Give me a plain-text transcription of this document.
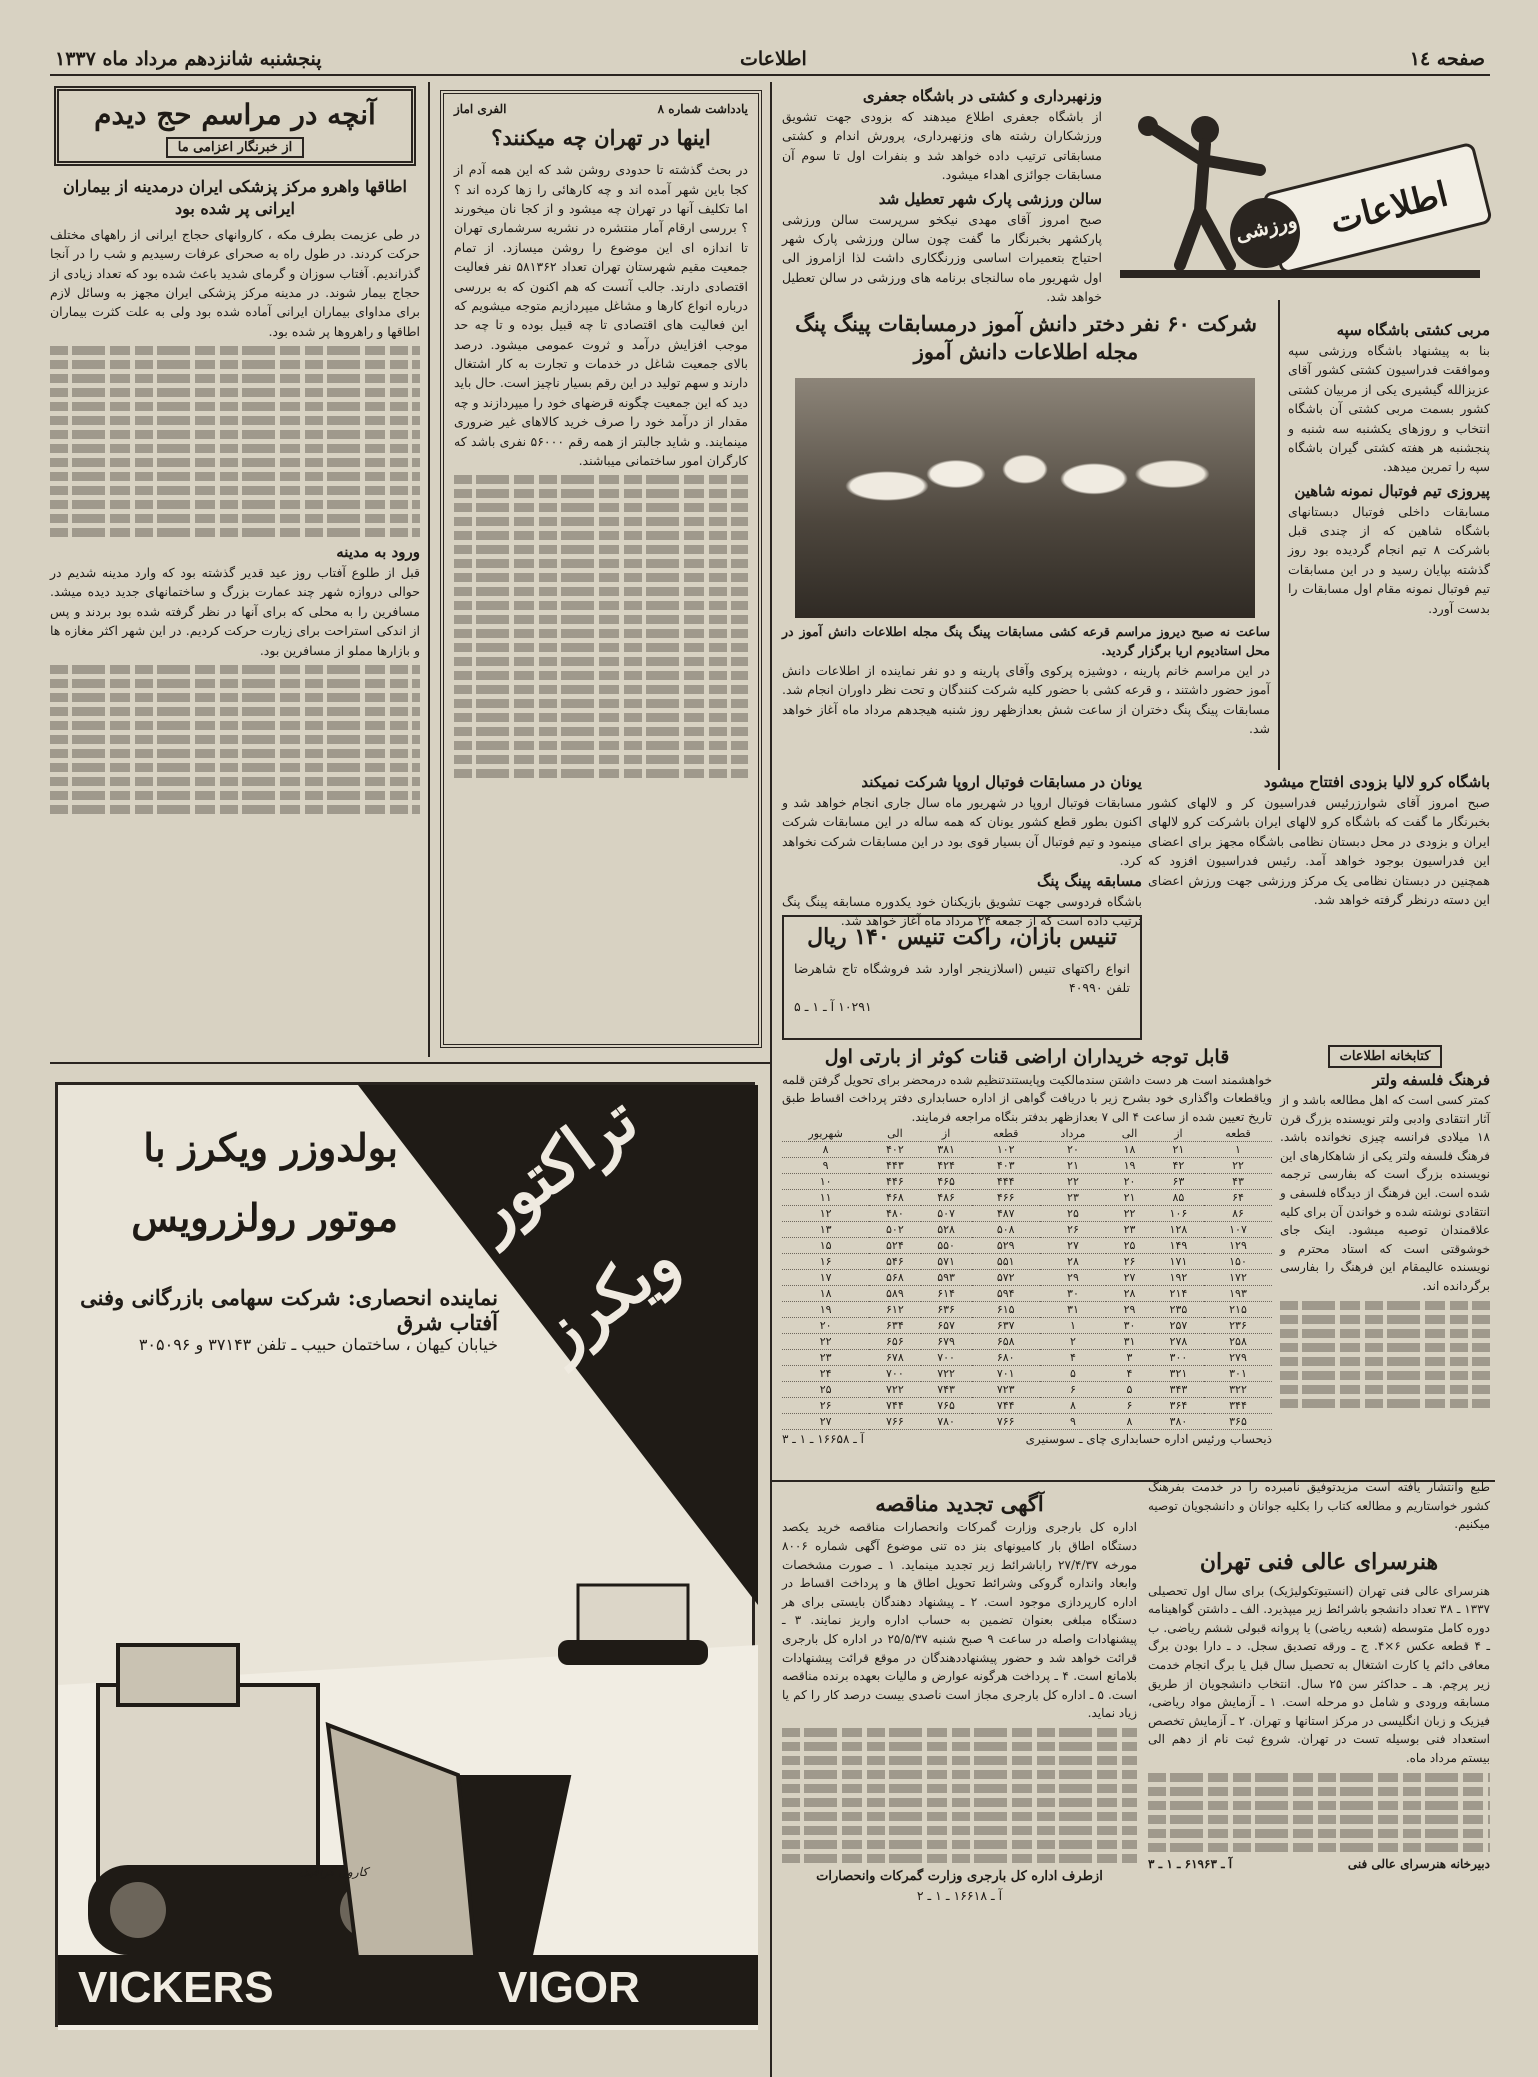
صفحه ١٤
اطلاعات
پنجشنبه شانزدهم مرداد ماه ١٣٣٧
اطلاعات
ورزشی
وزنهبرداری و کشتی در باشگاه جعفری
از باشگاه جعفری اطلاع میدهند که بزودی جهت تشویق ورزشکاران رشته های وزنهبرداری، پرورش اندام و کشتی مسابقاتی ترتیب داده خواهد شد و بنفرات اول تا سوم آن مسابقات جوائزی اهداء میشود.
سالن ورزشی پارک شهر تعطیل شد
صبح امروز آقای مهدی نیکخو سرپرست سالن ورزشی پارکشهر بخبرنگار ما گفت چون سالن ورزشی پارک شهر احتیاج بتعمیرات اساسی وزرنگکاری داشت لذا ازامروز الی اول شهریور ماه سالنجای برنامه های ورزشی در سالن تعطیل خواهد شد.
شرکت ۶۰ نفر دختر دانش آموز درمسابقات پینگ پنگ مجله اطلاعات دانش آموز
ساعت نه صبح دیروز مراسم قرعه کشی مسابقات پینگ پنگ مجله اطلاعات دانش آموز در محل استادیوم اریا برگزار گردید.
در این مراسم خانم پارینه ، دوشیزه پرکوی وآقای پارینه و دو نفر نماینده از اطلاعات دانش آموز حضور داشتند ، و قرعه کشی با حضور کلیه شرکت کنندگان و تحت نظر داوران انجام شد. مسابقات پینگ پنگ دختران از ساعت شش بعدازظهر روز شنبه هیجدهم مرداد ماه آغاز خواهد شد.
مربی کشتی باشگاه سپه
بنا به پیشنهاد باشگاه ورزشی سپه وموافقت فدراسیون کشتی کشور آقای عزیزالله گیشیری یکی از مربیان کشتی کشور بسمت مربی کشتی آن باشگاه انتخاب و روزهای یکشنبه سه شنبه و پنجشنبه هر هفته کشتی گیران باشگاه سپه را تمرین میدهد.
پیروزی تیم فوتبال نمونه شاهین
مسابقات داخلی فوتبال دبستانهای باشگاه شاهین که از چندی قبل باشرکت ۸ تیم انجام گردیده بود روز گذشته بپایان رسید و در این مسابقات تیم فوتبال نمونه مقام اول مسابقات را بدست آورد.
یونان در مسابقات فوتبال اروپا شرکت نمیکند
مسابقات فوتبال اروپا در شهریور ماه سال جاری انجام خواهد شد و اکنون بطور قطع کشور یونان که همه ساله در این مسابقات شرکت مینمود و تیم فوتبال آن بسیار قوی بود در این مسابقات شرکت نخواهد کرد.
مسابقه پینگ پنگ
باشگاه فردوسی جهت تشویق بازیکنان خود یکدوره مسابقه پینگ پنگ ترتیب داده است که از جمعه ۲۴ مرداد ماه آغاز خواهد شد.
تنیس بازان، راکت تنیس ۱۴۰ ریال
انواع راکتهای تنیس (اسلازینجر اوارد شد فروشگاه تاج شاهرضا تلفن ۴۰۹۹۰
۱۰۲۹۱ آ ـ ۱ ـ ۵
باشگاه کرو لالیا بزودی افتتاح میشود
صبح امروز آقای شوارزرئیس فدراسیون کر و لالهای کشور بخبرنگار ما گفت که باشگاه کرو لالهای ایران باشرکت کرو لالهای ایران و بزودی در محل دبستان نظامی باشگاه مجهز برای اعضای این فدراسیون بوجود خواهد آمد. رئیس فدراسیون افزود که همچنین در دبستان نظامی یک مرکز ورزشی جهت ورزش اعضای این دسته درنظر گرفته خواهد شد.
آنچه در مراسم حج دیدم
از خبرنگار اعزامی ما
اطاقها واهرو مرکز پزشکی ایران درمدینه از بیماران ایرانی پر شده بود
در طی عزیمت بطرف مکه ، کاروانهای حجاج ایرانی از راههای مختلف حرکت کردند. در طول راه به صحرای عرفات رسیدیم و شب را در آنجا گذراندیم. آفتاب سوزان و گرمای شدید باعث شده بود که تعداد زیادی از حجاج بیمار شوند. در مدینه مرکز پزشکی ایران مجهز به وسائل لازم برای مداوای بیماران ایرانی آماده شده بود ولی به علت کثرت بیماران اطاقها و راهروها پر شده بود.
ورود به مدینه
قبل از طلوع آفتاب روز عید قدیر گذشته بود که وارد مدینه شدیم در حوالی دروازه شهر چند عمارت بزرگ و ساختمانهای جدید دیده میشد. مسافرین را به محلی که برای آنها در نظر گرفته شده بود بردند و پس از اندکی استراحت برای زیارت حرکت کردیم. در این شهر اکثر مغازه ها و بازارها مملو از مسافرین بود.
یادداشت شماره ۸
الفری اماز
اینها در تهران چه میکنند؟
در بحث گذشته تا حدودی روشن شد که این همه آدم از کجا باین شهر آمده اند و چه کارهائی را زها کرده اند ؟ اما تکلیف آنها در تهران چه میشود و از کجا نان میخورند ؟ بررسی ارقام آمار منتشره در نشریه سرشماری تهران تا اندازه ای این موضوع را روشن میسازد. از تمام جمعیت مقیم شهرستان تهران تعداد ۵۸۱۳۶۲ نفر فعالیت اقتصادی دارند. جالب آنست که هم اکنون که به بررسی درباره انواع کارها و مشاغل میپردازیم متوجه میشویم که این فعالیت های اقتصادی تا چه قبیل بوده و تا چه حد موجب افزایش درآمد و ثروت عمومی میشود. درصد بالای جمعیت شاغل در خدمات و تجارت به کار اشتغال دارند و سهم تولید در این رقم بسیار ناچیز است. حال باید دید که این جمعیت چگونه قرضهای خود را میپردازند و چه مقدار از درآمد خود را صرف خرید کالاهای غیر ضروری مینمایند. و شاید جالبتر از همه رقم ۵۶۰۰۰ نفری باشد که کارگران امور ساختمانی میباشند.
تراکتور
ویکرز
بولدوزر ویکرز با
موتور رولزرویس
نماینده انحصاری: شرکت سهامی بازرگانی وفنی آفتاب شرق
خیابان کیهان ، ساختمان حبیب ـ تلفن ۳۷۱۴۳ و ۳۰۵۰۹۶
کارون گرافیک
VICKERS	VIGOR
قابل توجه خریداران اراضی قنات کوثر از بارتی اول
خواهشمند است هر دست داشتن سندمالکیت وپایستندتنظیم شده درمحضر برای تحویل گرفتن قلمه ویاقطعات واگذاری خود بشرح زیر با دریافت گواهی از اداره حسابداری دفتر پرداخت اقساط طبق تاریخ تعیین شده از ساعت ۴ الی ۷ بعدازظهر بدفتر بنگاه مراجعه فرمایند.
قطعه	از	الی	مرداد	قطعه	از	الی	شهریور
۱	۲۱	۱۸	۲۰	۱۰۲	۳۸۱	۴۰۲	۸
۲۲	۴۲	۱۹	۲۱	۴۰۳	۴۲۴	۴۴۳	۹
۴۳	۶۳	۲۰	۲۲	۴۴۴	۴۶۵	۴۴۶	۱۰
۶۴	۸۵	۲۱	۲۳	۴۶۶	۴۸۶	۴۶۸	۱۱
۸۶	۱۰۶	۲۲	۲۵	۴۸۷	۵۰۷	۴۸۰	۱۲
۱۰۷	۱۲۸	۲۳	۲۶	۵۰۸	۵۲۸	۵۰۲	۱۳
۱۲۹	۱۴۹	۲۵	۲۷	۵۲۹	۵۵۰	۵۲۴	۱۵
۱۵۰	۱۷۱	۲۶	۲۸	۵۵۱	۵۷۱	۵۴۶	۱۶
۱۷۲	۱۹۲	۲۷	۲۹	۵۷۲	۵۹۳	۵۶۸	۱۷
۱۹۳	۲۱۴	۲۸	۳۰	۵۹۴	۶۱۴	۵۸۹	۱۸
۲۱۵	۲۳۵	۲۹	۳۱	۶۱۵	۶۳۶	۶۱۲	۱۹
۲۳۶	۲۵۷	۳۰	۱	۶۳۷	۶۵۷	۶۳۴	۲۰
۲۵۸	۲۷۸	۳۱	۲	۶۵۸	۶۷۹	۶۵۶	۲۲
۲۷۹	۳۰۰	۳	۴	۶۸۰	۷۰۰	۶۷۸	۲۳
۳۰۱	۳۲۱	۴	۵	۷۰۱	۷۲۲	۷۰۰	۲۴
۳۲۲	۳۴۳	۵	۶	۷۲۳	۷۴۳	۷۲۲	۲۵
۳۴۴	۳۶۴	۶	۸	۷۴۴	۷۶۵	۷۴۴	۲۶
۳۶۵	۳۸۰	۸	۹	۷۶۶	۷۸۰	۷۶۶	۲۷
ذیحساب ورئیس اداره حسابداری چای ـ سوسنیری
آ ـ ۱۶۶۵۸ ـ ۱ ـ ۳
کتابخانه اطلاعات
فرهنگ فلسفه ولتر
کمتر کسی است که اهل مطالعه باشد و از آثار انتقادی وادبی ولتر نویسنده بزرگ قرن ۱۸ میلادی فرانسه چیزی نخوانده باشد. فرهنگ فلسفه ولتر یکی از شاهکارهای این نویسنده بزرگ است که بفارسی ترجمه شده است. این فرهنگ از دیدگاه فلسفی و انتقادی نوشته شده و خواندن آن برای کلیه علاقمندان توصیه میشود. اینک جای خوشوقتی است که استاد محترم و نویسنده عالیمقام این فرهنگ را بفارسی برگردانده اند.
طبع وانتشار یافته است مزیدتوفیق نامبرده را در خدمت بفرهنگ کشور خواستاریم و مطالعه کتاب را بکلیه جوانان و دانشجویان توصیه میکنیم.
آگهی تجدید مناقصه
اداره کل بارجری وزارت گمرکات وانحصارات مناقصه خرید یکصد دستگاه اطاق بار کامیونهای بنز ده تنی موضوع آگهی شماره ۸۰۰۶ مورخه ۲۷/۴/۳۷ راباشرائط زیر تجدید مینماید. ۱ ـ صورت مشخصات وابعاد وانداره گروکی وشرائط تحویل اطاق ها و پرداخت اقساط در اداره کارپردازی موجود است. ۲ ـ پیشنهاد دهندگان بایستی برای هر دستگاه مبلغی بعنوان تضمین به حساب اداره واریز نمایند. ۳ ـ پیشنهادات واصله در ساعت ۹ صبح شنبه ۲۵/۵/۳۷ در اداره کل بارجری قرائت خواهد شد و حضور پیشنهاددهندگان در موقع قرائت پیشنهادات بلامانع است. ۴ ـ پرداخت هرگونه عوارض و مالیات بعهده برنده مناقصه است. ۵ ـ اداره کل بارجری مجاز است ناصدی بیست درصد کار را کم یا زیاد نماید.
ازطرف اداره کل بارجری وزارت گمرکات وانحصارات
آ ـ ۱۶۶۱۸ ـ ۱ ـ ۲
هنرسرای عالی فنی تهران
هنرسرای عالی فنی تهران (انستیوتکولیژیک) برای سال اول تحصیلی ۱۳۳۷ ـ ۳۸ تعداد دانشجو باشرائط زیر میپذیرد. الف ـ داشتن گواهینامه دوره کامل متوسطه (شعبه ریاضی) یا پروانه قبولی ششم ریاضی. ب ـ ۴ قطعه عکس ۶×۴. ج ـ ورقه تصدیق سجل. د ـ دارا بودن برگ معافی دائم یا کارت اشتغال به تحصیل سال قبل یا برگ انجام خدمت زیر پرچم. هـ ـ حداکثر سن ۲۵ سال. انتخاب دانشجویان از طریق مسابقه ورودی و شامل دو مرحله است. ۱ ـ آزمایش مواد ریاضی، فیزیک و زبان انگلیسی در مرکز استانها و تهران. ۲ ـ آزمایش تخصص استعداد فنی بوسیله تست در تهران. شروع ثبت نام از دهم الی بیستم مرداد ماه.
دبیرخانه هنرسرای عالی فنی
آ ـ ۶۱۹۶۳ ـ ۱ ـ ۳
